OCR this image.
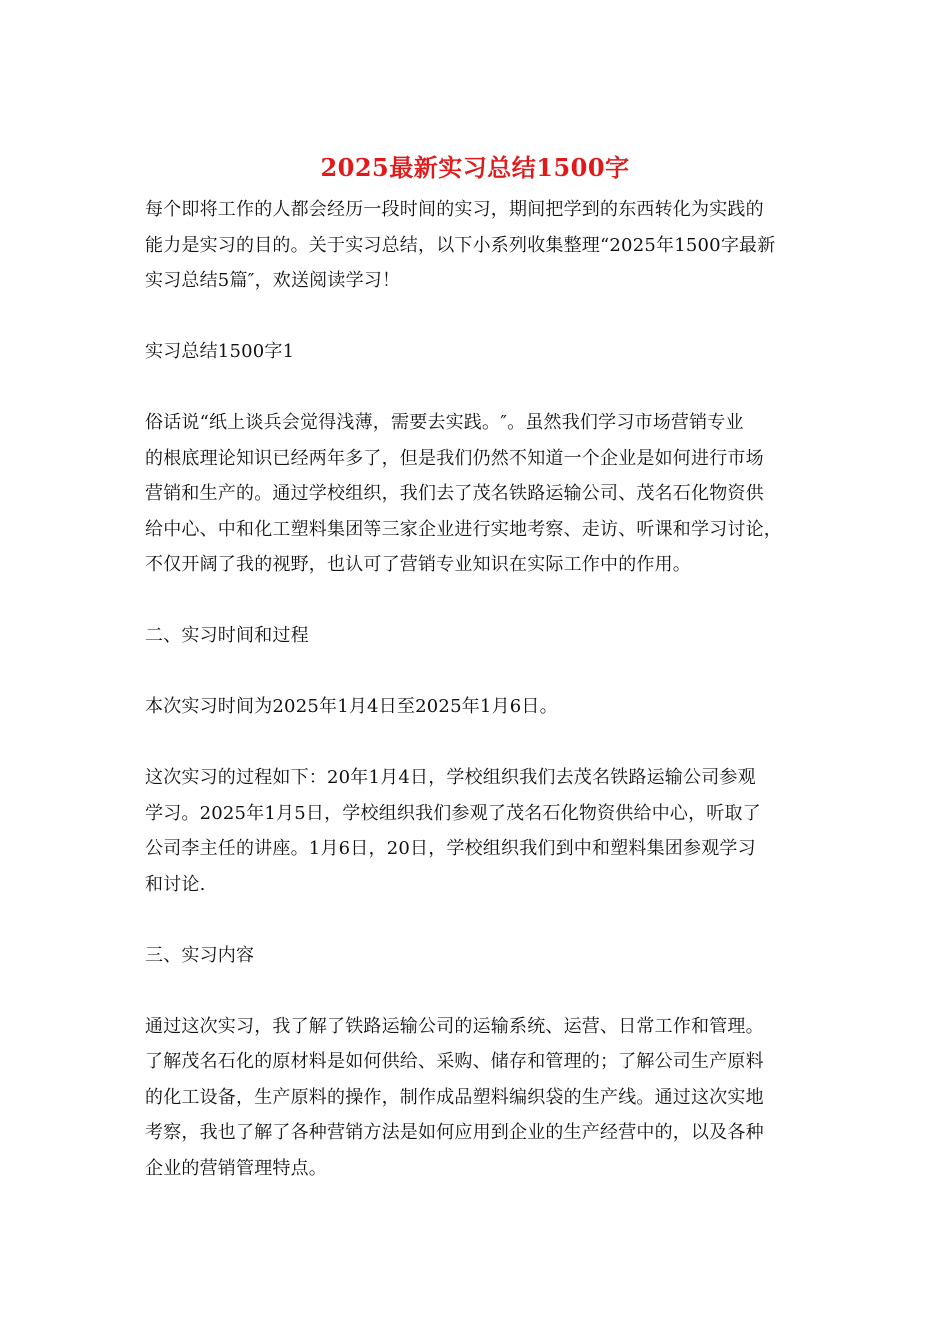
2025最新实习总结1500字

每个即将工作的人都会经历一段时间的实习，期间把学到的东西转化为实践的
能力是实习的目的。关于实习总结，以下小系列收集整理“2025年1500字最新
实习总结5篇″，欢送阅读学习！

实习总结1500字1

俗话说“纸上谈兵会觉得浅薄，需要去实践。″。虽然我们学习市场营销专业
的根底理论知识已经两年多了，但是我们仍然不知道一个企业是如何进行市场
营销和生产的。通过学校组织，我们去了茂名铁路运输公司、茂名石化物资供
给中心、中和化工塑料集团等三家企业进行实地考察、走访、听课和学习讨论，
不仅开阔了我的视野，也认可了营销专业知识在实际工作中的作用。

二、实习时间和过程

本次实习时间为2025年1月4日至2025年1月6日。

这次实习的过程如下：20年1月4日，学校组织我们去茂名铁路运输公司参观
学习。2025年1月5日，学校组织我们参观了茂名石化物资供给中心，听取了
公司李主任的讲座。1月6日，20日，学校组织我们到中和塑料集团参观学习
和讨论.

三、实习内容

通过这次实习，我了解了铁路运输公司的运输系统、运营、日常工作和管理。
了解茂名石化的原材料是如何供给、采购、储存和管理的；了解公司生产原料
的化工设备，生产原料的操作，制作成品塑料编织袋的生产线。通过这次实地
考察，我也了解了各种营销方法是如何应用到企业的生产经营中的，以及各种
企业的营销管理特点。
